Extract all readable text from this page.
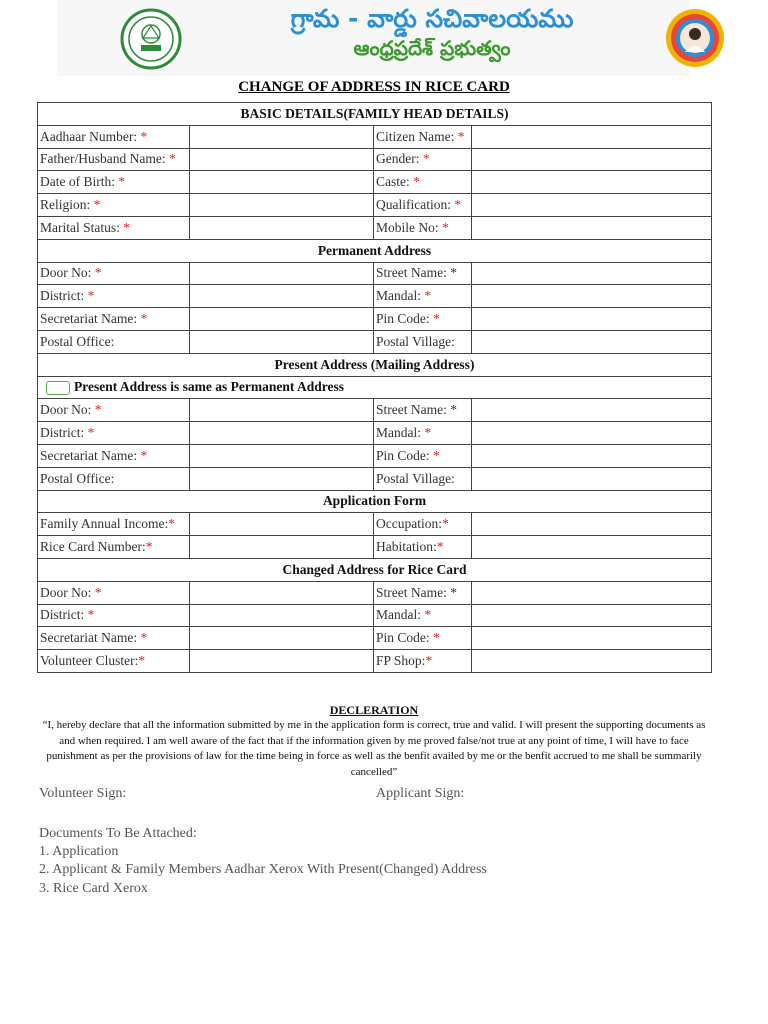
గ్రామ - వార్డు సచివాలయము
ఆంధ్రప్రదేశ్ ప్రభుత్వం
CHANGE OF ADDRESS IN RICE CARD
BASIC DETAILS(FAMILY HEAD DETAILS)			
Aadhaar Number: *		Citizen Name: *	
Father/Husband Name: *		Gender: *	
Date of Birth: *		Caste: *	
Religion: *		Qualification: *	
Marital Status: *		Mobile No: *	
Permanent Address			
Door No: *		Street Name: *	
District: *		Mandal: *	
Secretariat Name: *		Pin Code: *	
Postal Office:		Postal Village:	
Present Address (Mailing Address)			
Present Address is same as Permanent Address			
Door No: *		Street Name: *	
District: *		Mandal: *	
Secretariat Name: *		Pin Code: *	
Postal Office:		Postal Village:	
Application Form			
Family Annual Income:*		Occupation:*	
Rice Card Number:*		Habitation:*	
Changed Address for Rice Card			
Door No: *		Street Name: *	
District: *		Mandal: *	
Secretariat Name: *		Pin Code: *	
Volunteer Cluster:*		FP Shop:*	
DECLERATION
“I, hereby declare that all the information submitted by me in the application form is correct, true and valid. I will present the supporting documents as and when required. I am well aware of the fact that if the information given by me proved false/not true at any point of time, I will have to face punishment as per the provisions of law for the time being in force as well as the benfit availed by me or the benfit accrued to me shall be summarily cancelled”
Volunteer Sign:	Applicant Sign:
Documents To Be Attached:
1. Application
2. Applicant & Family Members Aadhar Xerox With Present(Changed) Address
3. Rice Card Xerox
